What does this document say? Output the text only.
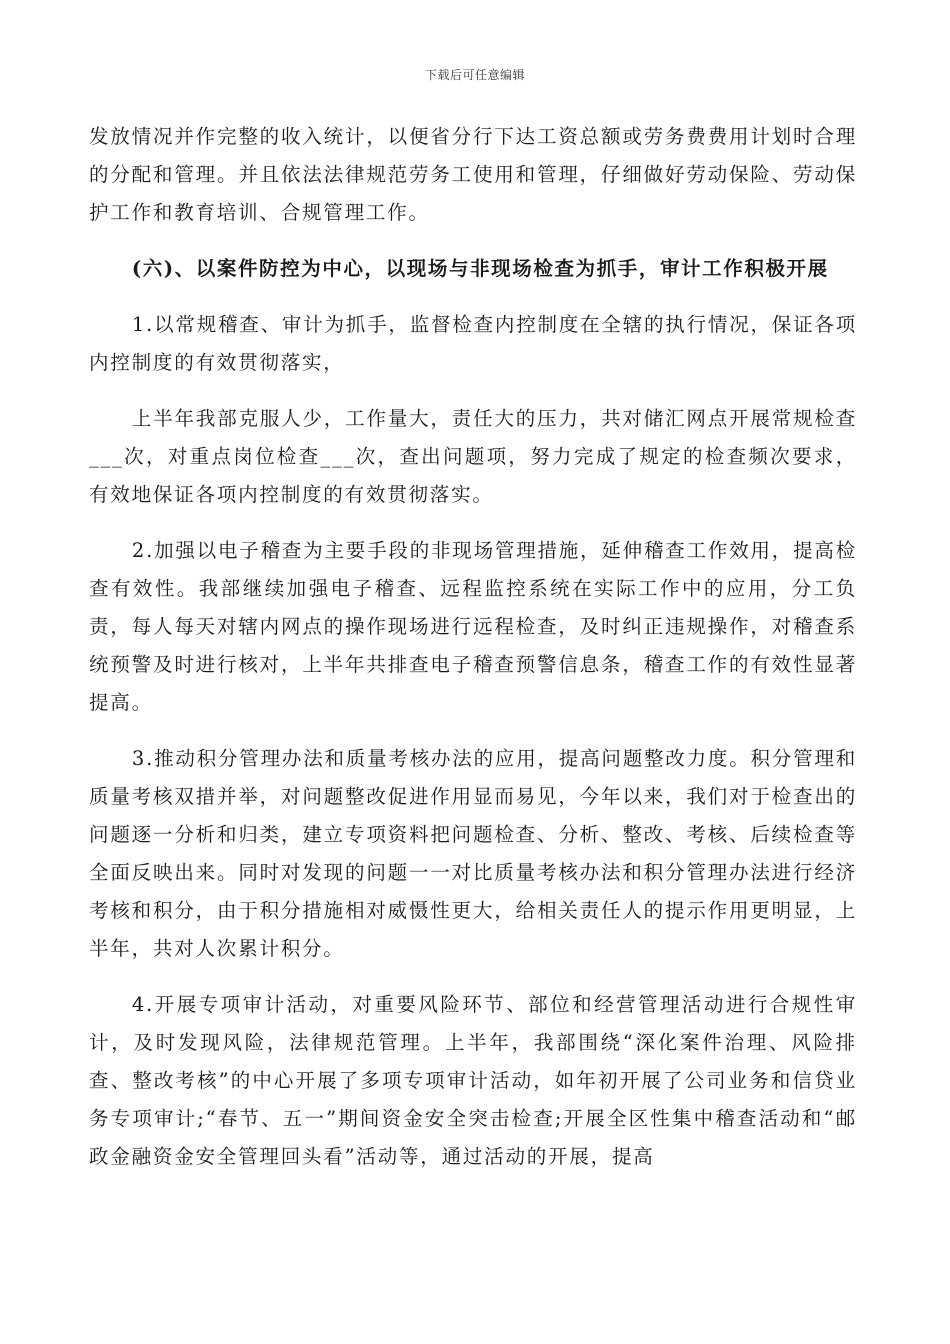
下载后可任意编辑

发放情况并作完整的收入统计，以便省分行下达工资总额或劳务费费用计划时合理的分配和管理。并且依法法律规范劳务工使用和管理，仔细做好劳动保险、劳动保护工作和教育培训、合规管理工作。

(六)、以案件防控为中心，以现场与非现场检查为抓手，审计工作积极开展

1.以常规稽查、审计为抓手，监督检查内控制度在全辖的执行情况，保证各项内控制度的有效贯彻落实，

上半年我部克服人少，工作量大，责任大的压力，共对储汇网点开展常规检查___次，对重点岗位检查___次，查出问题项，努力完成了规定的检查频次要求，有效地保证各项内控制度的有效贯彻落实。

2.加强以电子稽查为主要手段的非现场管理措施，延伸稽查工作效用，提高检查有效性。我部继续加强电子稽查、远程监控系统在实际工作中的应用，分工负责，每人每天对辖内网点的操作现场进行远程检查，及时纠正违规操作，对稽查系统预警及时进行核对，上半年共排查电子稽查预警信息条，稽查工作的有效性显著提高。

3.推动积分管理办法和质量考核办法的应用，提高问题整改力度。积分管理和质量考核双措并举，对问题整改促进作用显而易见，今年以来，我们对于检查出的问题逐一分析和归类，建立专项资料把问题检查、分析、整改、考核、后续检查等全面反映出来。同时对发现的问题一一对比质量考核办法和积分管理办法进行经济考核和积分，由于积分措施相对威慑性更大，给相关责任人的提示作用更明显，上半年，共对人次累计积分。

4.开展专项审计活动，对重要风险环节、部位和经营管理活动进行合规性审计，及时发现风险，法律规范管理。上半年，我部围绕“深化案件治理、风险排查、整改考核”的中心开展了多项专项审计活动，如年初开展了公司业务和信贷业务专项审计;“春节、五一”期间资金安全突击检查;开展全区性集中稽查活动和“邮政金融资金安全管理回头看”活动等，通过活动的开展，提高
